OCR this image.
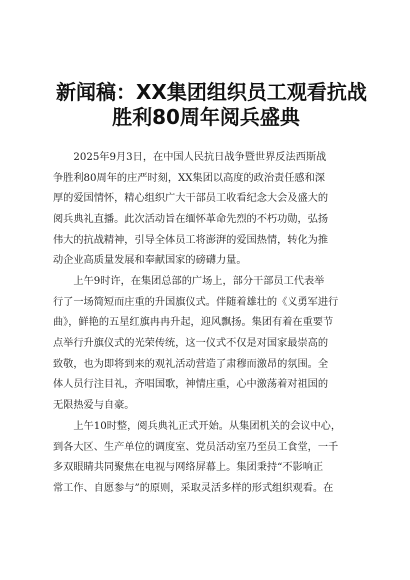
新闻稿：XX集团组织员工观看抗战
胜利80周年阅兵盛典
　　2025年9月3日，在中国人民抗日战争暨世界反法西斯战
争胜利80周年的庄严时刻，XX集团以高度的政治责任感和深
厚的爱国情怀，精心组织广大干部员工收看纪念大会及盛大的
阅兵典礼直播。此次活动旨在缅怀革命先烈的不朽功勋，弘扬
伟大的抗战精神，引导全体员工将澎湃的爱国热情，转化为推
动企业高质量发展和奉献国家的磅礴力量。
　　上午9时许，在集团总部的广场上，部分干部员工代表举
行了一场简短而庄重的升国旗仪式。伴随着雄壮的《义勇军进行
曲》，鲜艳的五星红旗冉冉升起，迎风飘扬。集团有着在重要节
点举行升旗仪式的光荣传统，这一仪式不仅是对国家最崇高的
致敬，也为即将到来的观礼活动营造了肃穆而激昂的氛围。全
体人员行注目礼，齐唱国歌，神情庄重，心中激荡着对祖国的
无限热爱与自豪。
　　上午10时整，阅兵典礼正式开始。从集团机关的会议中心，
到各大区、生产单位的调度室、党员活动室乃至员工食堂，一千
多双眼睛共同聚焦在电视与网络屏幕上。集团秉持“不影响正
常工作、自愿参与”的原则，采取灵活多样的形式组织观看。在
